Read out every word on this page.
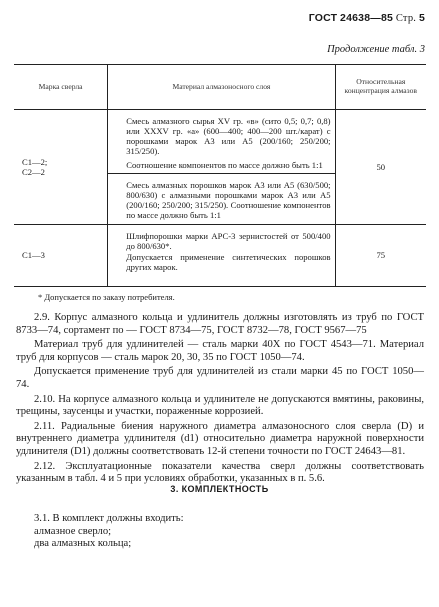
ГОСТ 24638—85 Стр. 5
Продолжение табл. 3
Марка сверла	Материал алмазоносного слоя	Относительная концентрация алмазов

С1—2;
С2—2	Смесь алмазного сырья XV гр. «в» (сито 0,5; 0,7; 0,8) или XXXV гр. «а» (600—400; 400—200 шт./карат) с порошками марок А3 или А5 (200/160; 250/200; 315/250).	50

	Соотношение компонентов по массе должно быть 1:1	

	Смесь алмазных порошков марок А3 или А5 (630/500; 800/630) с алмазными порошками марок А3 или А5 (200/160; 250/200; 315/250). Соотношение компонентов по массе должно быть 1:1	

С1—3	Шлифпорошки марки АРС-3 зернистостей от 500/400 до 800/630*.
Допускается применение синтетических порошков других марок.	75
* Допускается по заказу потребителя.

2.9. Корпус алмазного кольца и удлинитель должны изготовлять из труб по ГОСТ 8733—74, сортамент по — ГОСТ 8734—75, ГОСТ 8732—78, ГОСТ 9567—75

Материал труб для удлинителей — сталь марки 40Х по ГОСТ 4543—71. Материал труб для корпусов — сталь марок 20, 30, 35 по ГОСТ 1050—74.

Допускается применение труб для удлинителей из стали марки 45 по ГОСТ 1050—74.

2.10. На корпусе алмазного кольца и удлинителе не допускаются вмятины, раковины, трещины, заусенцы и участки, пораженные коррозией.

2.11. Радиальные биения наружного диаметра алмазоносного слоя сверла (D) и внутреннего диаметра удлинителя (d1) относительно диаметра наружной поверхности удлинителя (D1) должны соответствовать 12-й степени точности по ГОСТ 24643—81.

2.12. Эксплуатационные показатели качества сверл должны соответствовать указанным в табл. 4 и 5 при условиях обработки, указанных в п. 5.6.

3. КОМПЛЕКТНОСТЬ
3.1. В комплект должны входить:
алмазное сверло;
два алмазных кольца;
